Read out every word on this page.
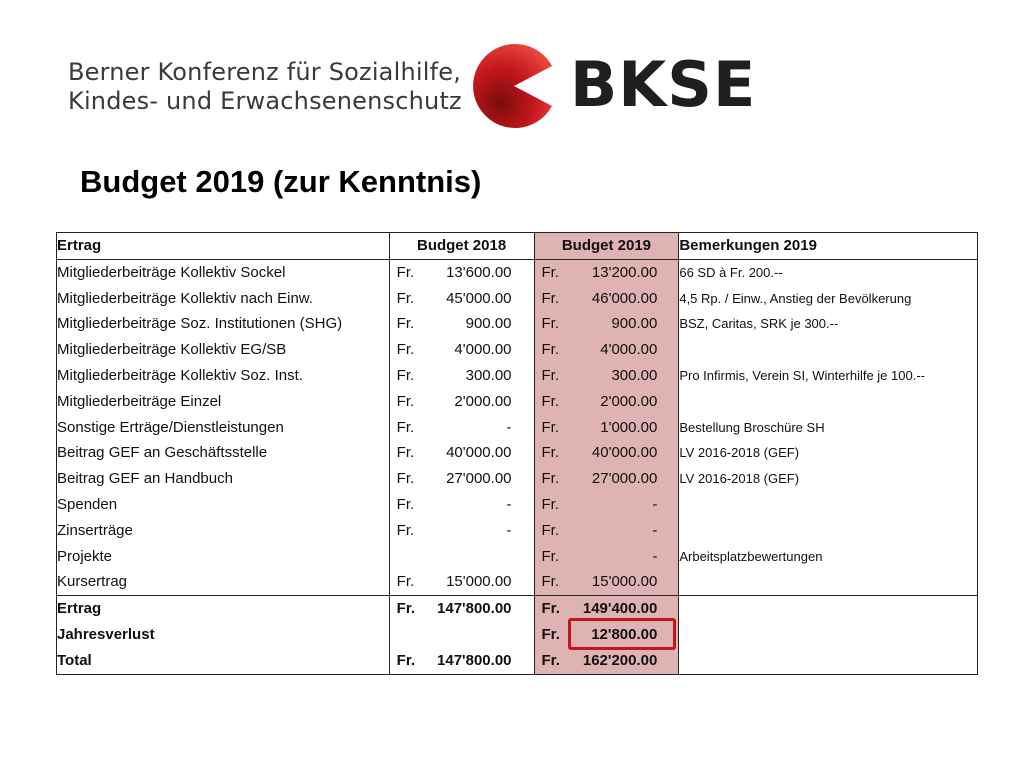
Berner Konferenz für Sozialhilfe,
Kindes- und Erwachsenenschutz BKSE
Budget 2019 (zur Kenntnis)
Ertrag	Budget 2018	Budget 2019	Bemerkungen 2019
Mitgliederbeiträge Kollektiv Sockel	Fr. 13'600.00	Fr. 13'200.00	66 SD à Fr. 200.--
Mitgliederbeiträge Kollektiv nach Einw.	Fr. 45'000.00	Fr. 46'000.00	4,5 Rp. / Einw., Anstieg der Bevölkerung
Mitgliederbeiträge Soz. Institutionen (SHG)	Fr. 900.00	Fr. 900.00	BSZ, Caritas, SRK je 300.--
Mitgliederbeiträge Kollektiv EG/SB	Fr. 4'000.00	Fr. 4'000.00	

Mitgliederbeiträge Kollektiv Soz. Inst.	Fr. 300.00	Fr. 300.00	Pro Infirmis, Verein SI, Winterhilfe je 100.--
Mitgliederbeiträge Einzel	Fr. 2'000.00	Fr. 2'000.00	

Sonstige Erträge/Dienstleistungen	Fr. -	Fr. 1'000.00	Bestellung Broschüre SH
Beitrag GEF an Geschäftsstelle	Fr. 40'000.00	Fr. 40'000.00	LV 2016-2018 (GEF)
Beitrag GEF an Handbuch	Fr. 27'000.00	Fr. 27'000.00	LV 2016-2018 (GEF)
Spenden	Fr. -	Fr. -	

Zinserträge	Fr. -	Fr. -	

Projekte		Fr. -	Arbeitsplatzbewertungen
Kursertrag	Fr. 15'000.00	Fr. 15'000.00	

Ertrag	Fr. 147'800.00	Fr. 149'400.00	

Jahresverlust		Fr. 12'800.00	

Total	Fr. 147'800.00	Fr. 162'200.00	
